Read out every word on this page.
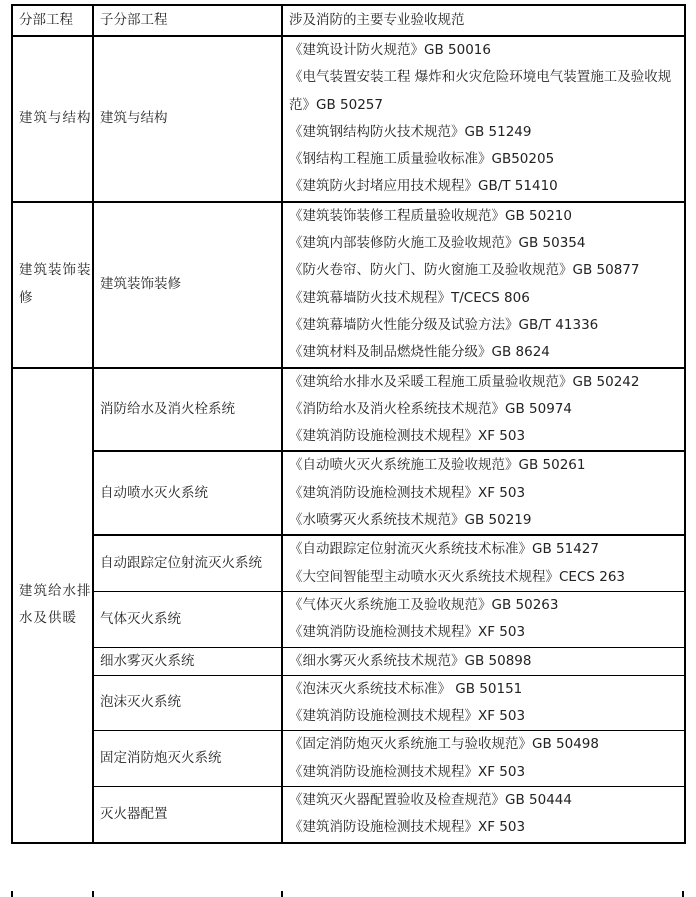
分部工程	子分部工程	涉及消防的主要专业验收规范
建筑与结构	建筑与结构	《建筑设计防火规范》GB 50016
《电气装置安装工程 爆炸和火灾危险环境电气装置施工及验收规范》GB 50257
《建筑钢结构防火技术规范》GB 51249
《钢结构工程施工质量验收标准》GB50205
《建筑防火封堵应用技术规程》GB/T 51410

建筑装饰装修	建筑装饰装修	
《建筑装饰装修工程质量验收规范》GB 50210
《建筑内部装修防火施工及验收规范》GB 50354
《防火卷帘、防火门、防火窗施工及验收规范》GB 50877
《建筑幕墙防火技术规程》T/CECS 806
《建筑幕墙防火性能分级及试验方法》GB/T 41336
《建筑材料及制品燃烧性能分级》GB 8624

建筑给水排水及供暖	消防给水及消火栓系统	《建筑给水排水及采暖工程施工质量验收规范》GB 50242
《消防给水及消火栓系统技术规范》GB 50974
《建筑消防设施检测技术规程》XF 503

	自动喷水灭火系统	《自动喷火灭火系统施工及验收规范》GB 50261
《建筑消防设施检测技术规程》XF 503
《水喷雾灭火系统技术规范》GB 50219

	自动跟踪定位射流灭火系统	《自动跟踪定位射流灭火系统技术标准》GB 51427
《大空间智能型主动喷水灭火系统技术规程》CECS 263

	气体灭火系统	《气体灭火系统施工及验收规范》GB 50263
《建筑消防设施检测技术规程》XF 503

	细水雾灭火系统	《细水雾灭火系统技术规范》GB 50898

	泡沫灭火系统	《泡沫灭火系统技术标准》 GB 50151
《建筑消防设施检测技术规程》XF 503

	固定消防炮灭火系统	《固定消防炮灭火系统施工与验收规范》GB 50498
《建筑消防设施检测技术规程》XF 503

	灭火器配置	《建筑灭火器配置验收及检查规范》GB 50444
《建筑消防设施检测技术规程》XF 503
